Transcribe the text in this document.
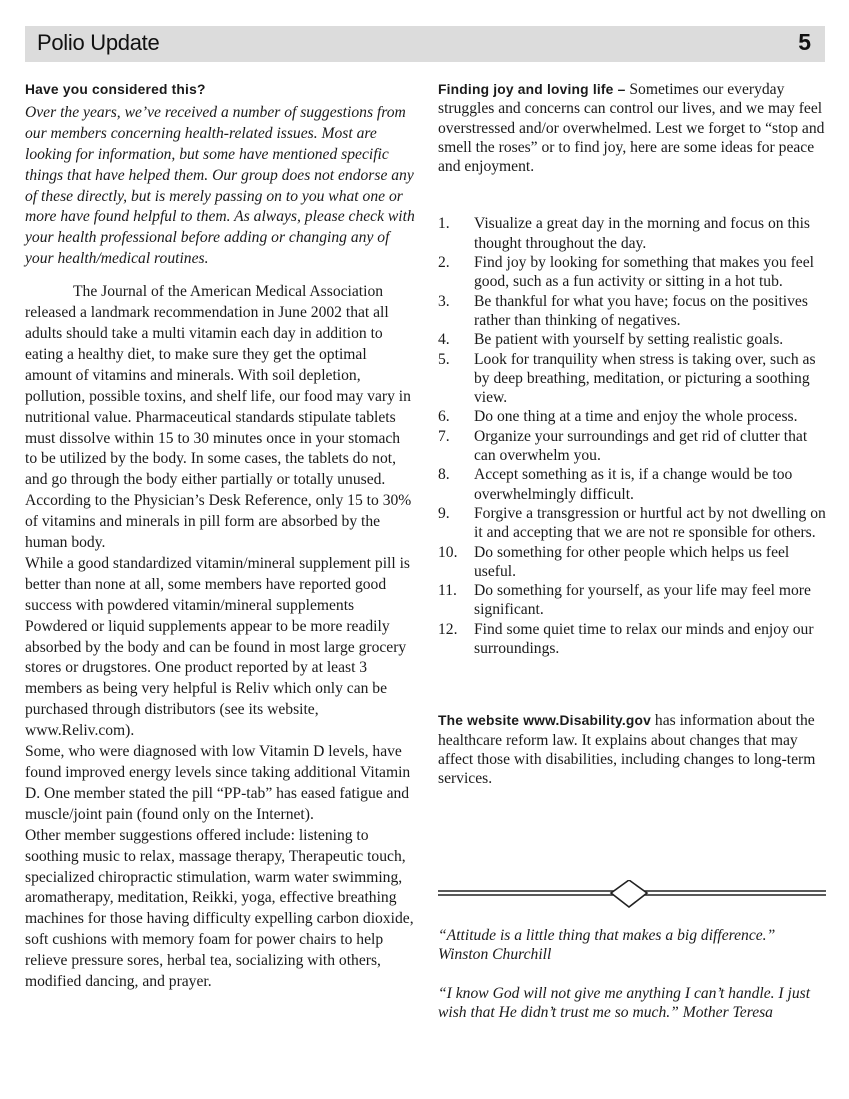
Polio Update	5

Have you considered this?

Over the years, we’ve received a number of suggestions from our members concerning health-related issues. Most are looking for information, but some have mentioned specific things that have helped them. Our group does not endorse any of these directly, but is merely passing on to you what one or more have found helpful to them. As always, please check with your health professional before adding or changing any of your health/medical routines.

The Journal of the American Medical Association released a landmark recommendation in June 2002 that all adults should take a multi vitamin each day in addition to eating a healthy diet, to make sure they get the optimal amount of vitamins and minerals. With soil depletion, pollution, possible toxins, and shelf life, our food may vary in nutritional value. Pharmaceutical standards stipulate tablets must dissolve within 15 to 30 minutes once in your stomach to be utilized by the body. In some cases, the tablets do not, and go through the body either partially or totally unused. According to the Physician’s Desk Reference, only 15 to 30% of vitamins and minerals in pill form are absorbed by the human body.

While a good standardized vitamin/mineral supplement pill is better than none at all, some members have reported good success with powdered vitamin/mineral supplements Powdered or liquid supplements appear to be more readily absorbed by the body and can be found in most large grocery stores or drugstores. One product reported by at least 3 members as being very helpful is Reliv which only can be purchased through distributors (see its website, www.Reliv.com).

Some, who were diagnosed with low Vitamin D levels, have found improved energy levels since taking additional Vitamin D. One member stated the pill “PP-tab” has eased fatigue and muscle/joint pain (found only on the Internet).

Other member suggestions offered include: listening to soothing music to relax, massage therapy, Therapeutic touch, specialized chiropractic stimulation, warm water swimming, aromatherapy, meditation, Reikki, yoga, effective breathing machines for those having difficulty expelling carbon dioxide, soft cushions with memory foam for power chairs to help relieve pressure sores, herbal tea, socializing with others, modified dancing, and prayer.

Finding joy and loving life – Sometimes our everyday struggles and concerns can control our lives, and we may feel overstressed and/or overwhelmed. Lest we forget to “stop and smell the roses” or to find joy, here are some ideas for peace and enjoyment.

1. Visualize a great day in the morning and focus on this thought throughout the day.
2. Find joy by looking for something that makes you feel good, such as a fun activity or sitting in a hot tub.
3. Be thankful for what you have; focus on the positives rather than thinking of negatives.
4. Be patient with yourself by setting realistic goals.
5. Look for tranquility when stress is taking over, such as by deep breathing, meditation, or picturing a soothing view.
6. Do one thing at a time and enjoy the whole process.
7. Organize your surroundings and get rid of clutter that can overwhelm you.
8. Accept something as it is, if a change would be too overwhelmingly difficult.
9. Forgive a transgression or hurtful act by not dwelling on it and accepting that we are not re sponsible for others.
10. Do something for other people which helps us feel useful.
11. Do something for yourself, as your life may feel more significant.
12. Find some quiet time to relax our minds and enjoy our surroundings.

The website www.Disability.gov has information about the healthcare reform law. It explains about changes that may affect those with disabilities, including changes to long-term services.

“Attitude is a little thing that makes a big difference.” Winston Churchill

“I know God will not give me anything I can’t handle. I just wish that He didn’t trust me so much.” Mother Teresa
